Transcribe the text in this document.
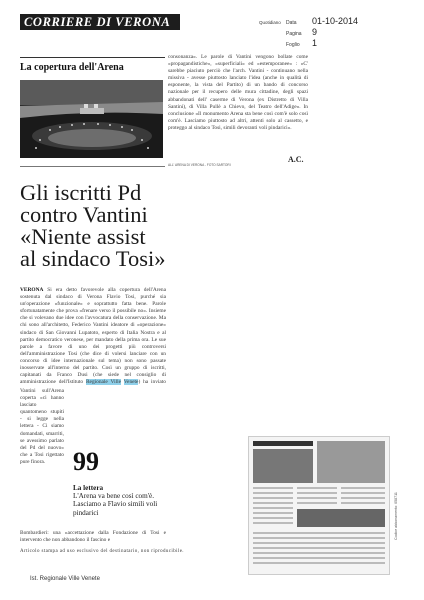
CORRIERE DI VERONA	Quotidiano Data 01-10-2014
Pagina 9
Foglio 1
La copertura dell'Arena
consonanza». Le parole di Vantini vengono bollate come «propagandistiche», «superficiali» ed «estemporanee» : «C' sarebbe piaciuto perciò che l'arch. Vantini - continuano nella missiva - avesse piuttosto lanciato l'idea (anche in qualità di esponente, la vista del Partito) di un bando di concorso nazionale per il recupero delle mura cittadine, degli spazi abbandonati dell' caserme di Verona (ex Distretto di Villa Santini), di Villa Pullè a Chievo, del Teatro dell'Adige». In conclusione «Il monumento Arena sta bene così com'è solo così com'è. Lasciamo piuttosto ad altri, attenti solo al cassetto, e proteggo al sindaco Tosi, simili devoranti voli pindarici».
A.C.
ALL' ARENA DI VERONA - FOTO SARTORI
Gli iscritti Pd
contro Vantini
«Niente assist
al sindaco Tosi»

VERONA Si era detto favorevole alla copertura dell'Arena sostenuta dal sindaco di Verona Flavio Tosi, purché sia un'operazione «funzionale» e soprattutto fatta bene. Parole sfortunatamente che prova «frenare verso il possibile no». Insieme che si volevano due idee con l'avvocatura della conservazione. Ma chi sono all'architetto, Federico Vantini ideatore di «operazione» sindaco di San Giovanni Lupatoto, esperto di Italia Nostra e al partito democratico veronese, per mandato della prima ora. Le sue parole a favore di uno dei progetti più controversi dell'amministrazione Tosi (che dice di volersi lanciare con un concorso di idee internazionale sul tema) non sono passate inosservate all'interno del partito. Così un gruppo di iscritti, capitanati da Franco Dusi (che siede nel consiglio di amministrazione dell'Istituto Regionale Ville Venete) ha inviato

Vantini sull'Arena coperta «ci hanno lasciato quantomeno stupiti - si legge nella lettera - Ci siamo domandati, smarriti, se avessimo parlato del Pd del nuovo» che a Tosi rigettato pure finora.	99
La lettera
L'Arena va bene così com'è. Lasciamo a Flavio simili voli pindarici
Bombardieri: una «accettazione dalla Fondazione di Tosi e intervento che non abbandono il fascino e
Articolo stampa ad uso esclusivo del destinatario, non riproducibile.
Codice abbonamento: 058711
Ist. Regionale Ville Venete
